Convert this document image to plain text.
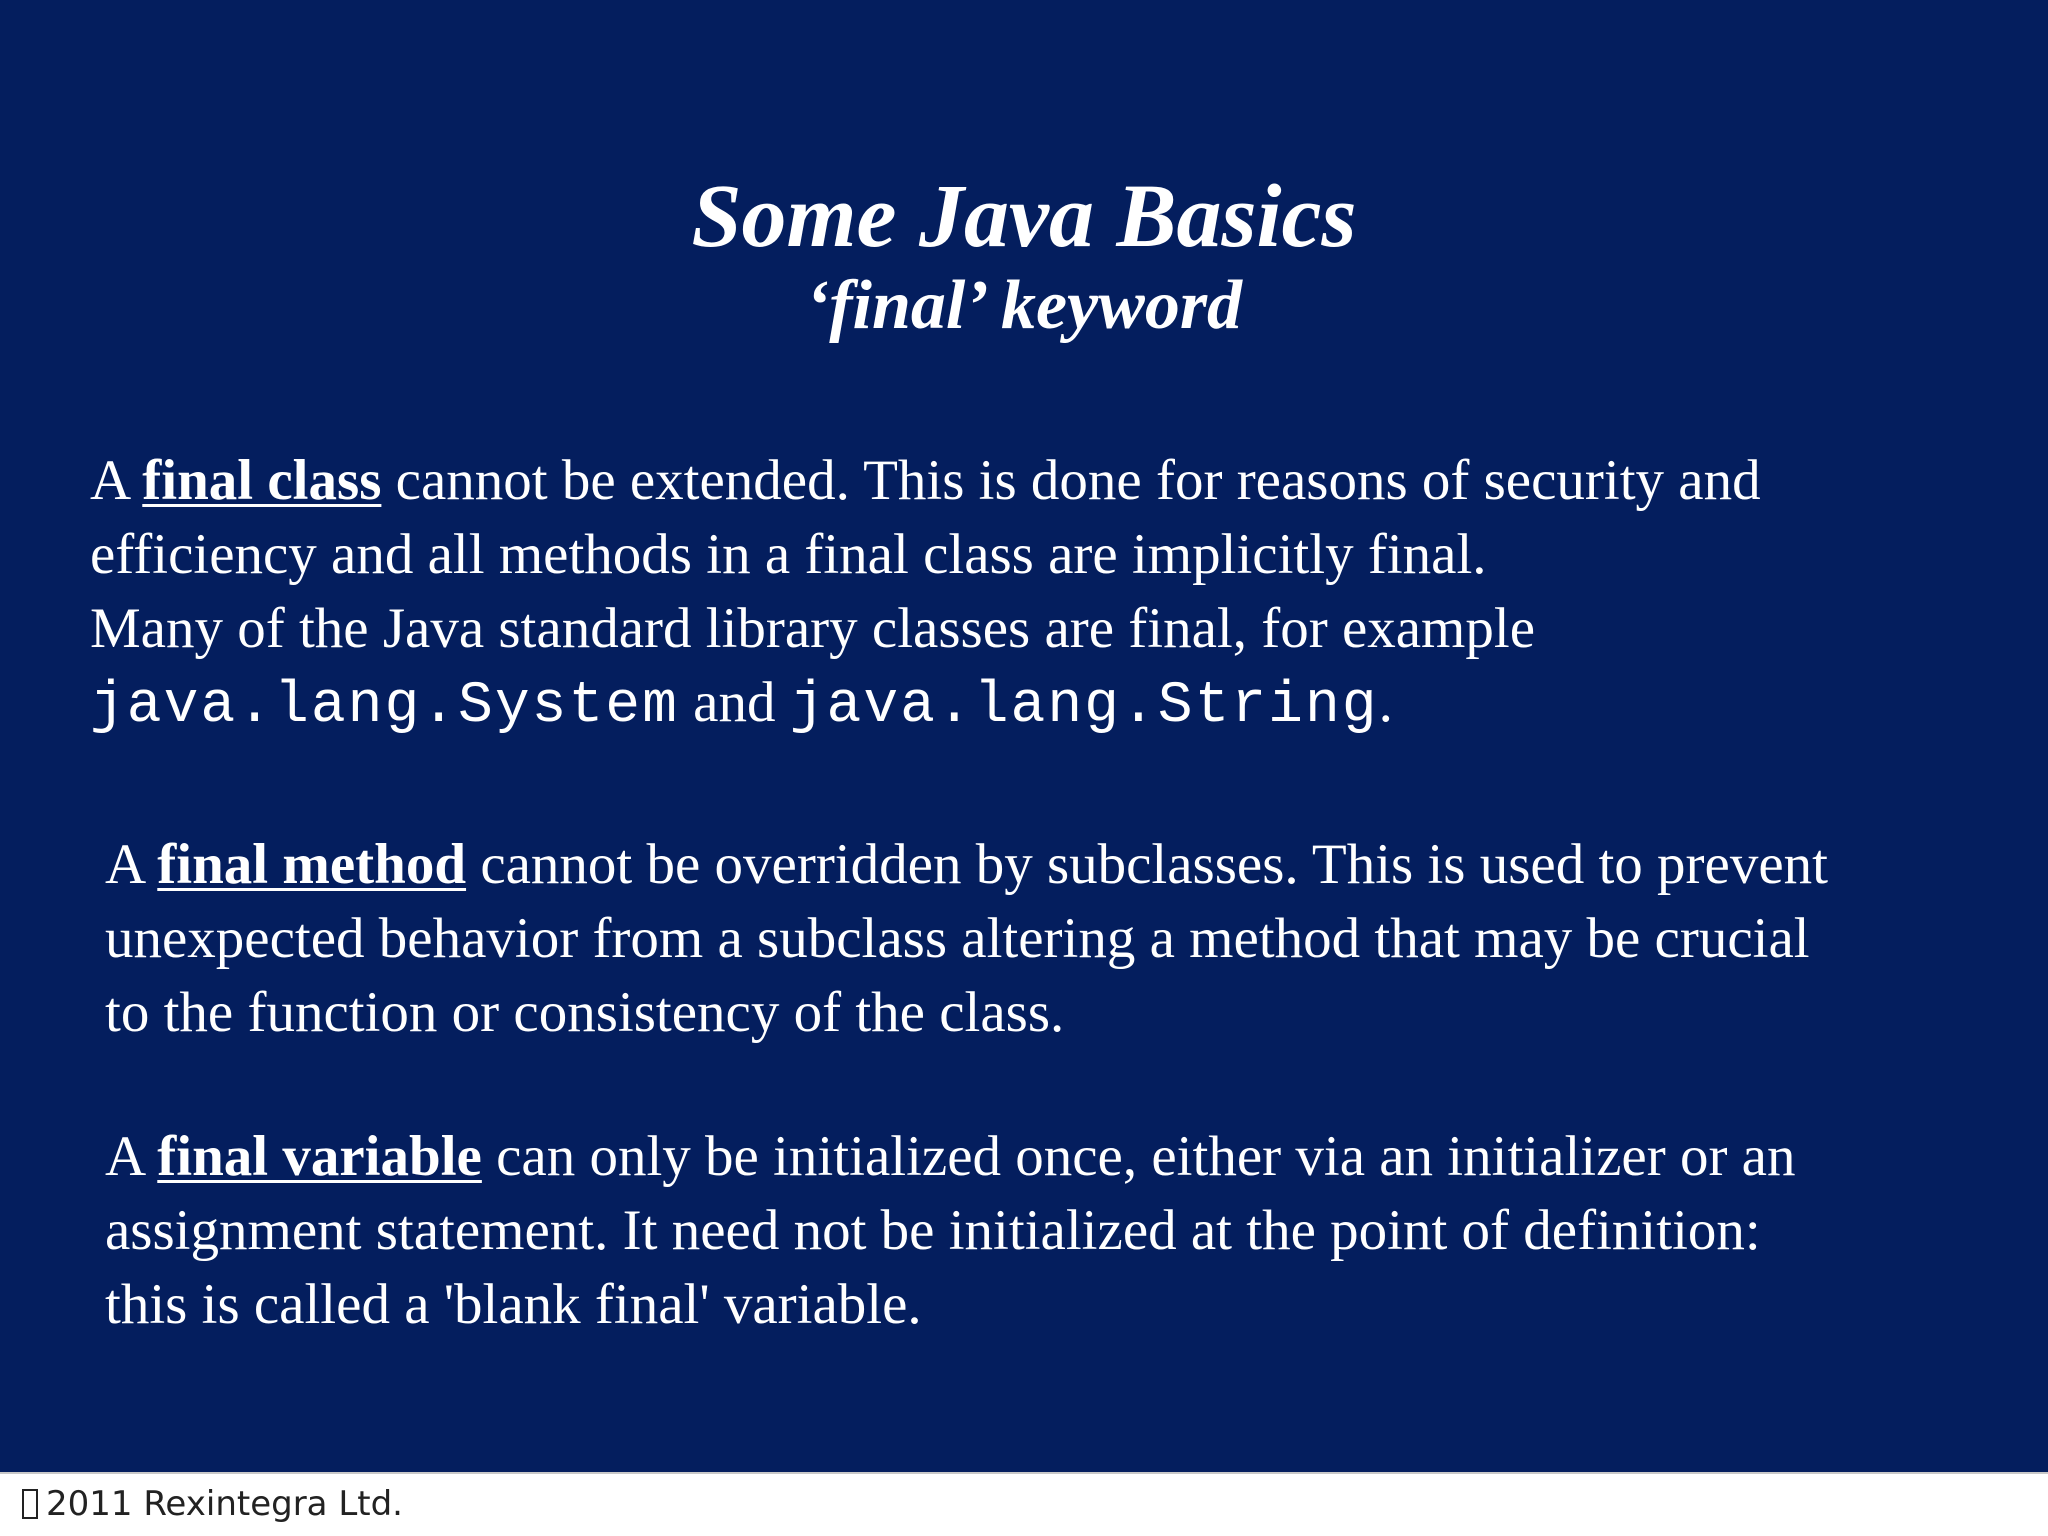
Some Java Basics
‘final’ keyword
A final class cannot be extended. This is done for reasons of security and
efficiency and all methods in a final class are implicitly final.
Many of the Java standard library classes are final, for example
java.lang.System and java.lang.String.
A final method cannot be overridden by subclasses. This is used to prevent
unexpected behavior from a subclass altering a method that may be crucial
to the function or consistency of the class.
A final variable can only be initialized once, either via an initializer or an
assignment statement. It need not be initialized at the point of definition:
this is called a 'blank final' variable.
2011 Rexintegra Ltd.
